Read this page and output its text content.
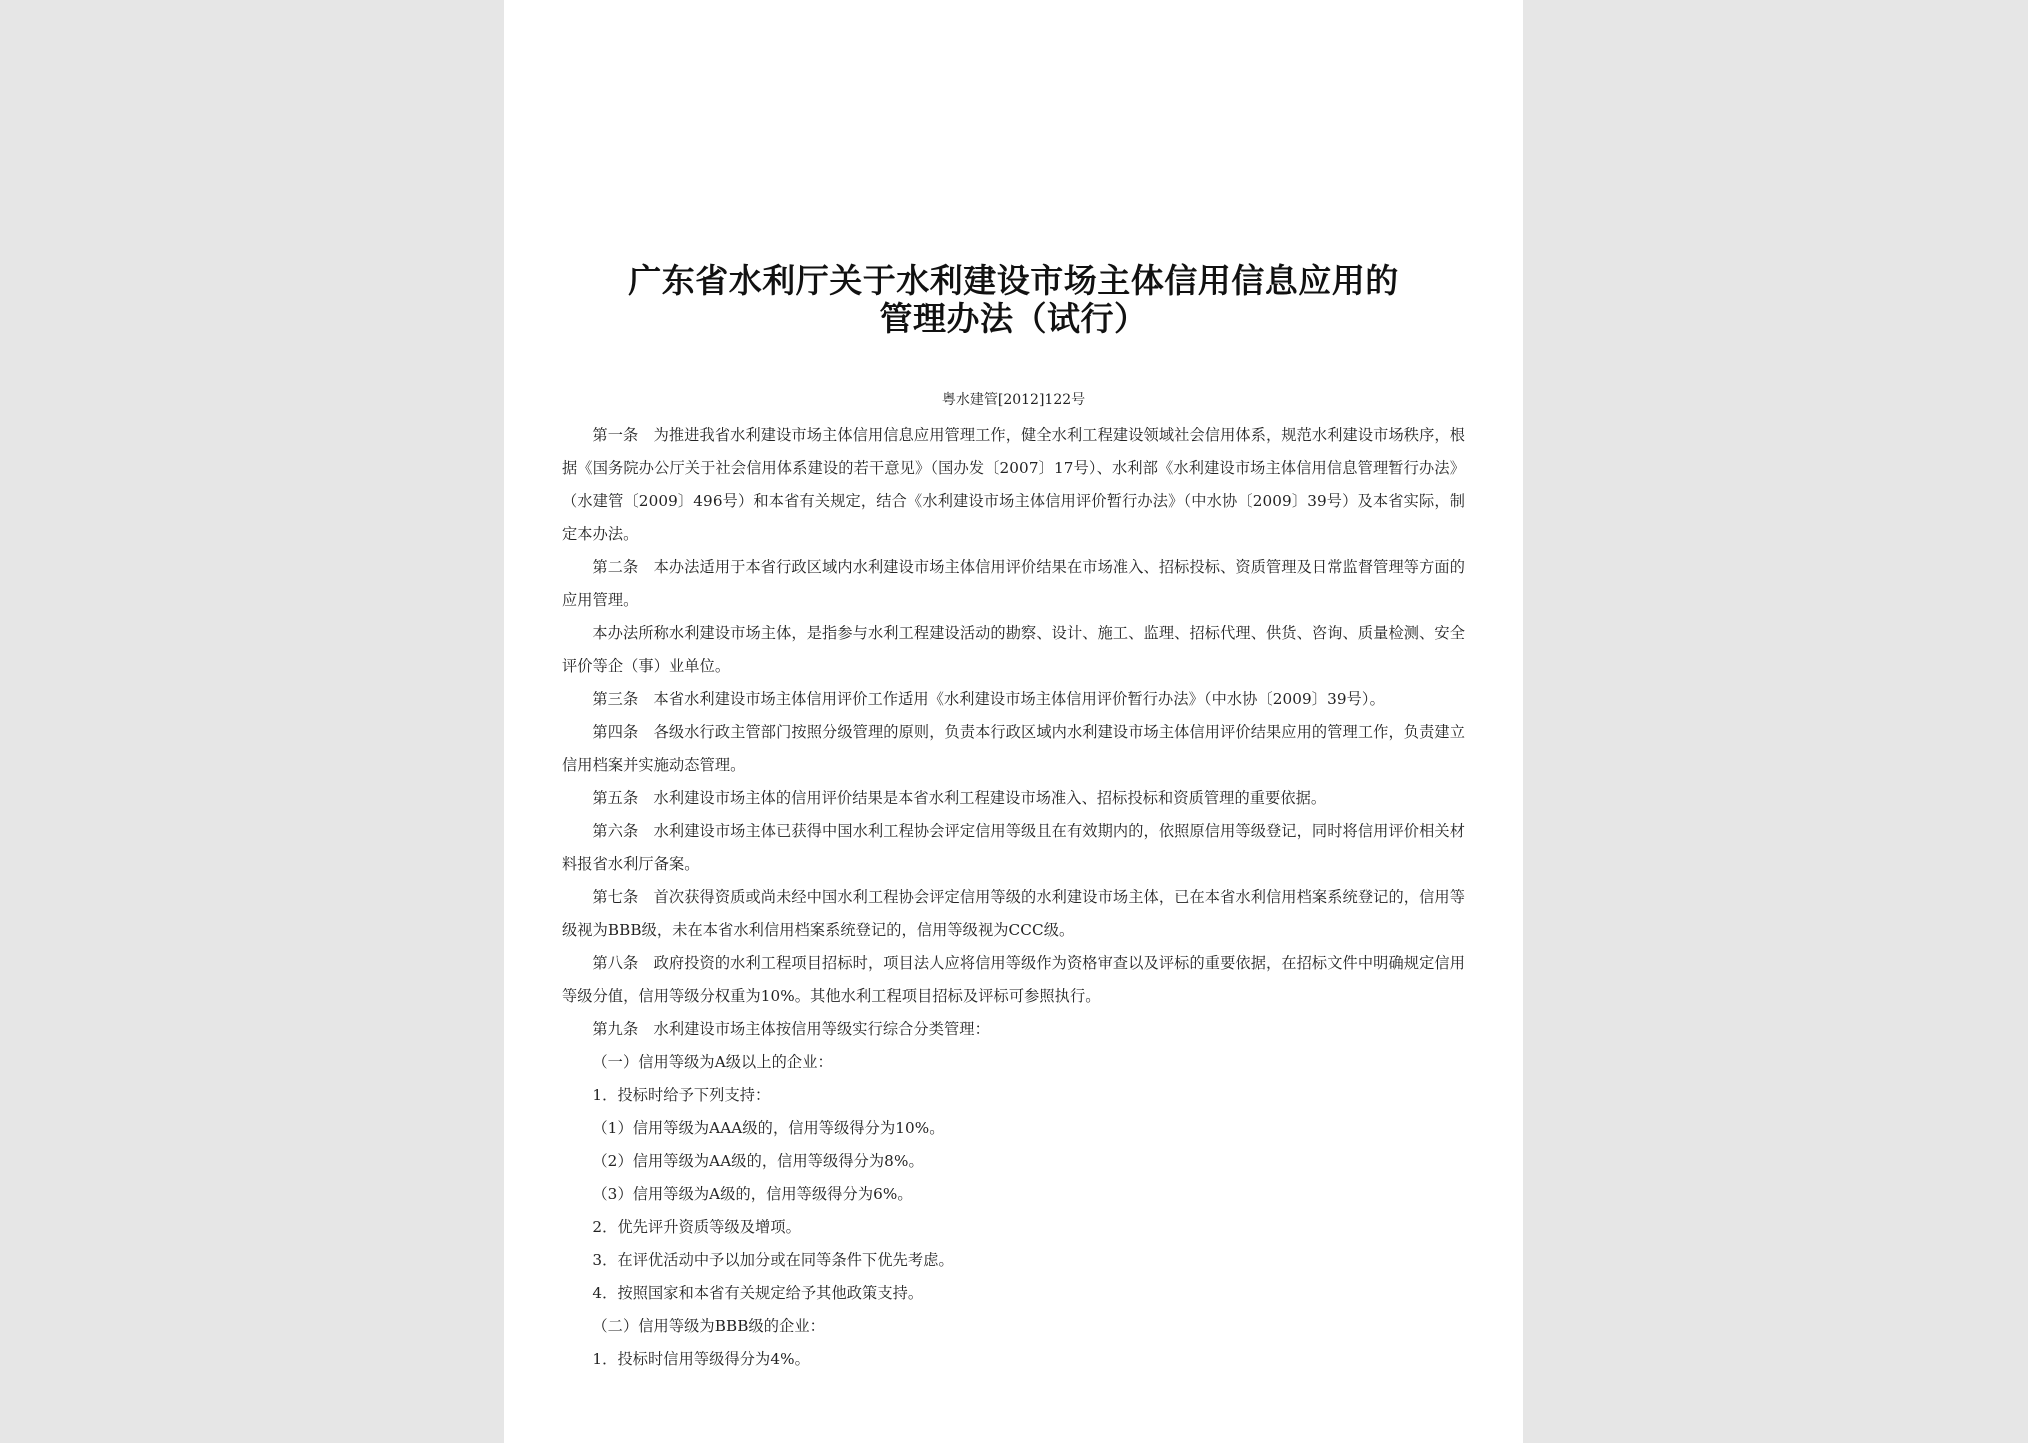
广东省水利厅关于水利建设市场主体信用信息应用的
管理办法（试行）
粤水建管[2012]122号

第一条　为推进我省水利建设市场主体信用信息应用管理工作，健全水利工程建设领域社会信用体系，规范水利建设市场秩序，根据《国务院办公厅关于社会信用体系建设的若干意见》（国办发〔2007〕17号）、水利部《水利建设市场主体信用信息管理暂行办法》（水建管〔2009〕496号）和本省有关规定，结合《水利建设市场主体信用评价暂行办法》（中水协〔2009〕39号）及本省实际，制定本办法。

第二条　本办法适用于本省行政区域内水利建设市场主体信用评价结果在市场准入、招标投标、资质管理及日常监督管理等方面的应用管理。

本办法所称水利建设市场主体，是指参与水利工程建设活动的勘察、设计、施工、监理、招标代理、供货、咨询、质量检测、安全评价等企（事）业单位。

第三条　本省水利建设市场主体信用评价工作适用《水利建设市场主体信用评价暂行办法》（中水协〔2009〕39号）。

第四条　各级水行政主管部门按照分级管理的原则，负责本行政区域内水利建设市场主体信用评价结果应用的管理工作，负责建立信用档案并实施动态管理。

第五条　水利建设市场主体的信用评价结果是本省水利工程建设市场准入、招标投标和资质管理的重要依据。

第六条　水利建设市场主体已获得中国水利工程协会评定信用等级且在有效期内的，依照原信用等级登记，同时将信用评价相关材料报省水利厅备案。

第七条　首次获得资质或尚未经中国水利工程协会评定信用等级的水利建设市场主体，已在本省水利信用档案系统登记的，信用等级视为BBB级，未在本省水利信用档案系统登记的，信用等级视为CCC级。

第八条　政府投资的水利工程项目招标时，项目法人应将信用等级作为资格审查以及评标的重要依据，在招标文件中明确规定信用等级分值，信用等级分权重为10%。其他水利工程项目招标及评标可参照执行。

第九条　水利建设市场主体按信用等级实行综合分类管理：

（一）信用等级为A级以上的企业：

1．投标时给予下列支持：

（1）信用等级为AAA级的，信用等级得分为10%。

（2）信用等级为AA级的，信用等级得分为8%。

（3）信用等级为A级的，信用等级得分为6%。

2．优先评升资质等级及增项。

3．在评优活动中予以加分或在同等条件下优先考虑。

4．按照国家和本省有关规定给予其他政策支持。

（二）信用等级为BBB级的企业：

1．投标时信用等级得分为4%。
